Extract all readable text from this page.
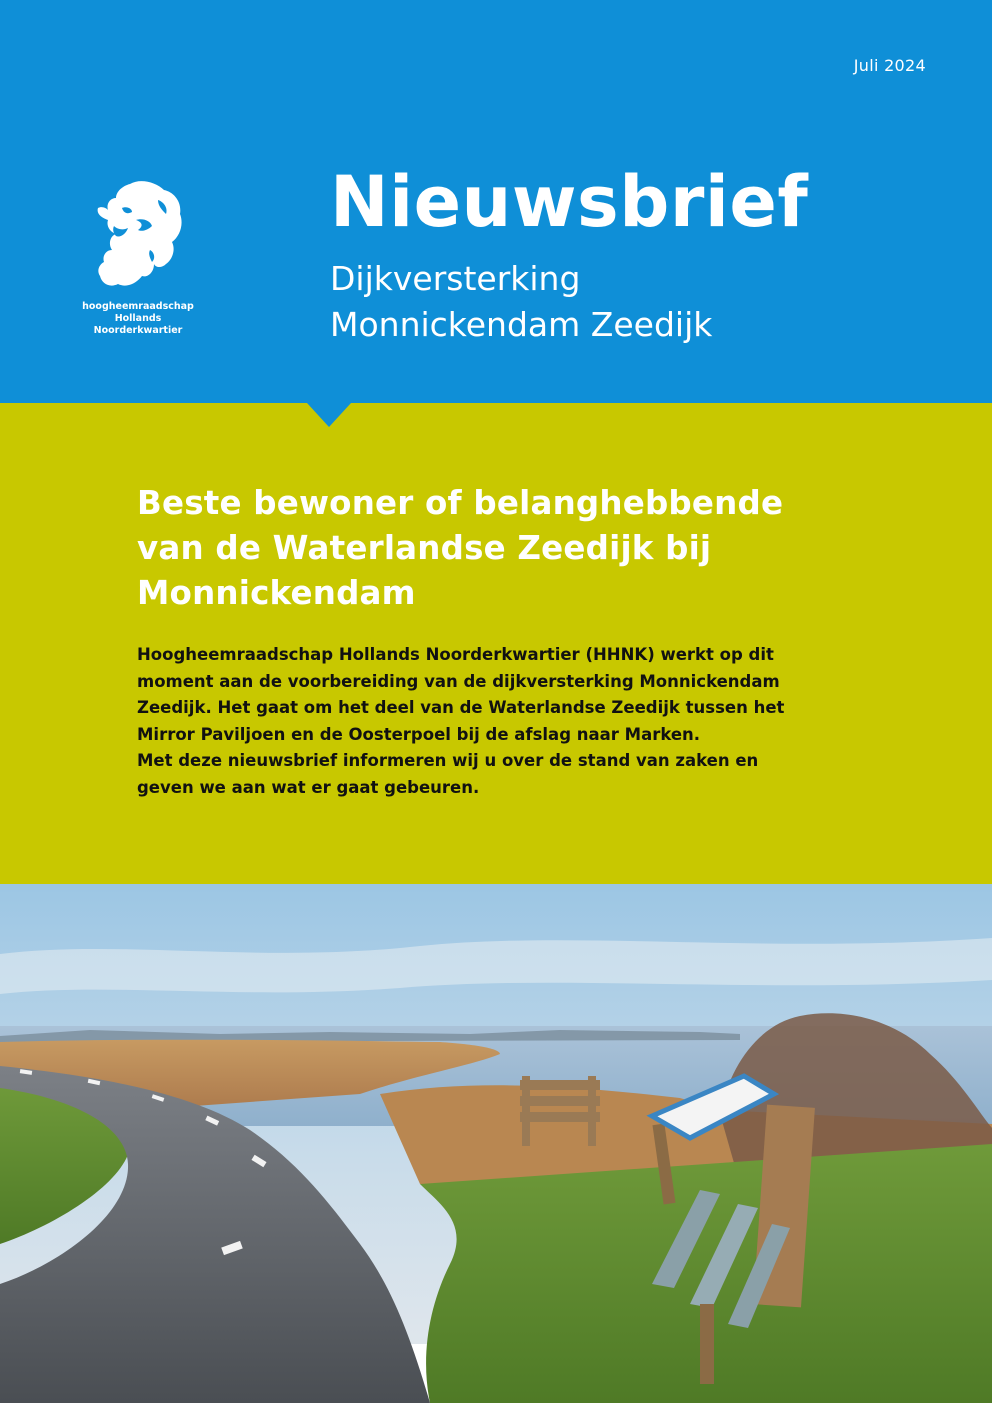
Juli 2024
hoogheemraadschap
Hollands
Noorderkwartier
Nieuwsbrief
Dijkversterking
Monnickendam Zeedijk
Beste bewoner of belanghebbende
van de Waterlandse Zeedijk bij
Monnickendam
Hoogheemraadschap Hollands Noorderkwartier (HHNK) werkt op dit
moment aan de voorbereiding van de dijkversterking Monnickendam
Zeedijk. Het gaat om het deel van de Waterlandse Zeedijk tussen het
Mirror Paviljoen en de Oosterpoel bij de afslag naar Marken.
Met deze nieuwsbrief informeren wij u over de stand van zaken en
geven we aan wat er gaat gebeuren.
